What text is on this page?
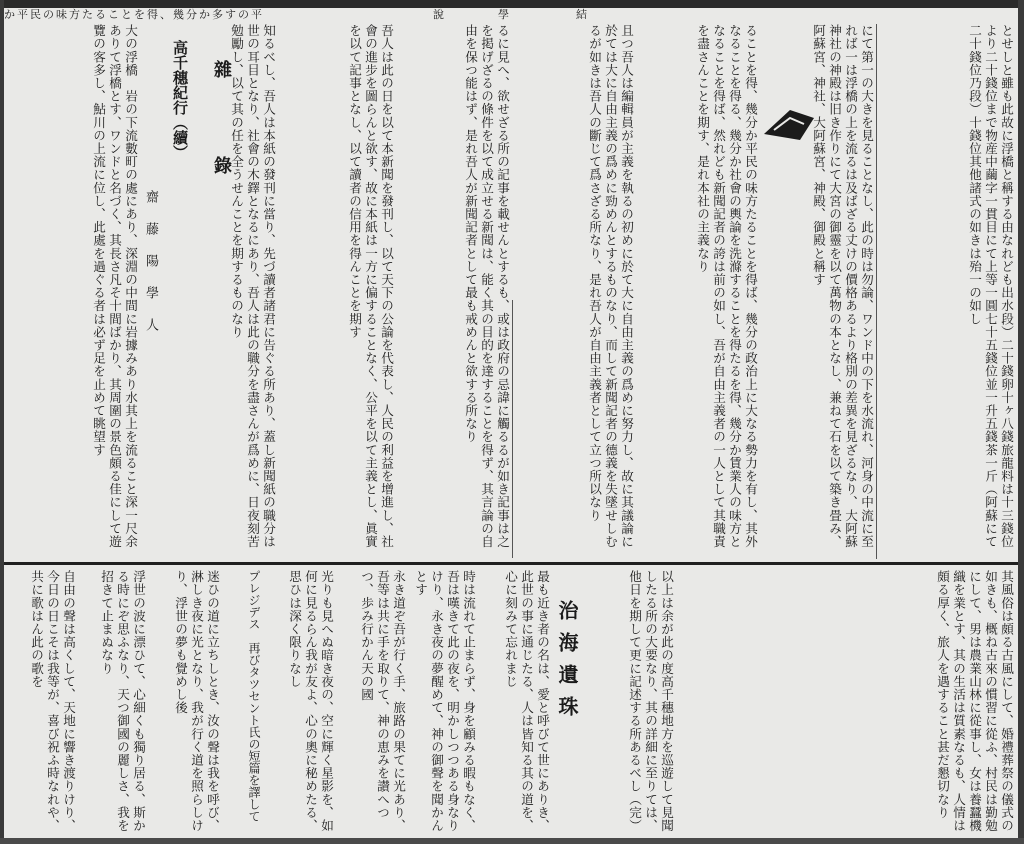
か平民の味方たることを得、幾分か多すの平　　　　　　　　　　　　　說　　　　學　　　　　結
とせしと雖も此故に浮橋と稱する由なれども出水段）二十錢卵十ヶ八錢旅龍料は十三錢位より二十錢位まで物産中繭字一貫目にて上等一圓七十五錢位並一升五錢茶一斤（阿蘇にて二十錢位乃段）十錢位其他諸式の如きは殆一の如し
にて第一の大きを見ることなし、此の時は勿論、ワンド中の下を水流れ、河身の中流に至れば一は浮橋の上を流るは及ばざる丈けの價格あるより格別の差異を見ざるなり、大阿蘇神社の神殿は旧き作りにて大宮の御靈を以て萬物の本となし、兼ねて石を以て築き畳み、阿蘇宮、神社、大阿蘇宮、神殿、御殿と稱す
ることを得、幾分か平民の味方たることを得ば、幾分の政治上に大なる勢力を有し、其外なることを得る、幾分か社會の輿論を洗滌することを得たるを得、幾分か賃業人の味方となることを得ば、然れども新聞記者の誇は前の如し、吾が自由主義者の一人として其職責を盡さんことを期す、是れ本社の主義なり
且つ吾人は編輯員が主義を執るの初めに於て大に自由主義の爲めに努力し、故に其議論に於ては大に自由主義の爲めに勁めんとするものなり、而して新聞記者の德義を失墜せしむるが如きは吾人の斷じて爲さざる所なり、是れ吾人が自由主義者として立つ所以なり
るに見へ、欲せざる所の記事を載せんとするも、或は政府の忌諱に觸るるが如き記事は之を掲げざるの條件を以て成立せる新聞は、能く其の目的を達することを得ず、其言論の自由を保つ能はず、是れ吾人が新聞記者として最も戒めんと欲する所なり
吾人は此の日を以て本新聞を發刊し、以て天下の公論を代表し、人民の利益を增進し、社會の進步を圖らんと欲す、故に本紙は一方に偏することなく、公平を以て主義とし、眞實を以て記事となし、以て讀者の信用を得んことを期す
雜　　　錄
高千穗紀行（續）
齋　藤　陽　學　人	知るべし、吾人は本紙の發刊に當り、先づ讀者諸君に告ぐる所あり、蓋し新聞紙の職分は世の耳目となり、社會の木鐸となるにあり、吾人は此の職分を盡さんが爲めに、日夜刻苦勉勵し、以て其の任を全うせんことを期するものなり
大の浮橋　岩の下流數町の處にあり、深淵の中間に岩據みあり水其上を流ること深一尺余ありて浮橋とす、ワンドと名づく、其長さ凡そ十間ばかり、其周圍の景色頗る佳にして遊覽の客多し、鮎川の上流に位し、此處を過ぐる者は必ず足を止めて眺望す
其風俗は頗る古風にして、婚禮葬祭の儀式の如きも、概ね古來の慣習に從ふ、村民は勤勉にして、男は農業山林に從事し、女は養蠶機織を業とす、其の生活は質素なるも、人情は頗る厚く、旅人を遇すること甚だ懇切なり
以上は余が此の度高千穗地方を巡遊して見聞したる所の大要なり、其の詳細に至りては、他日を期して更に記述する所あるべし（完）
治海遺珠
プレジデス　再びタツセント氏の短篇を譯して	最も近き者の名は、愛と呼びて世にありき、此世の事に通じたる、人は皆知る其の道を、心に刻みて忘れまじ
時は流れて止まらず、身を顧みる暇もなく、吾は嘆きて此の夜を、明かしつつある身なりけり、永き夜の夢醒めて、神の御聲を聞かんとす
永き道ぞ吾が行く手、旅路の果てに光あり、吾等は共に手を取りて、神の恵みを讃へつつ、歩み行かん天の國
光りも見へぬ暗き夜の、空に輝く星影を、如何に見るらん我が友よ、心の奧に秘めたる、思ひは深く限りなし
迷ひの道に立ちしとき、汝の聲は我を呼び、淋しき夜に光となり、我が行く道を照らしけり、浮世の夢も覺めし後
浮世の波に漂ひて、心細くも獨り居る、斯かる時にぞ思ふなり、天つ御國の麗しさ、我を招きて止まぬなり
自由の聲は高くして、天地に響き渡りけり、今日の日こそは我等が、喜び祝ふ時なれや、共に歌はん此の歌を
